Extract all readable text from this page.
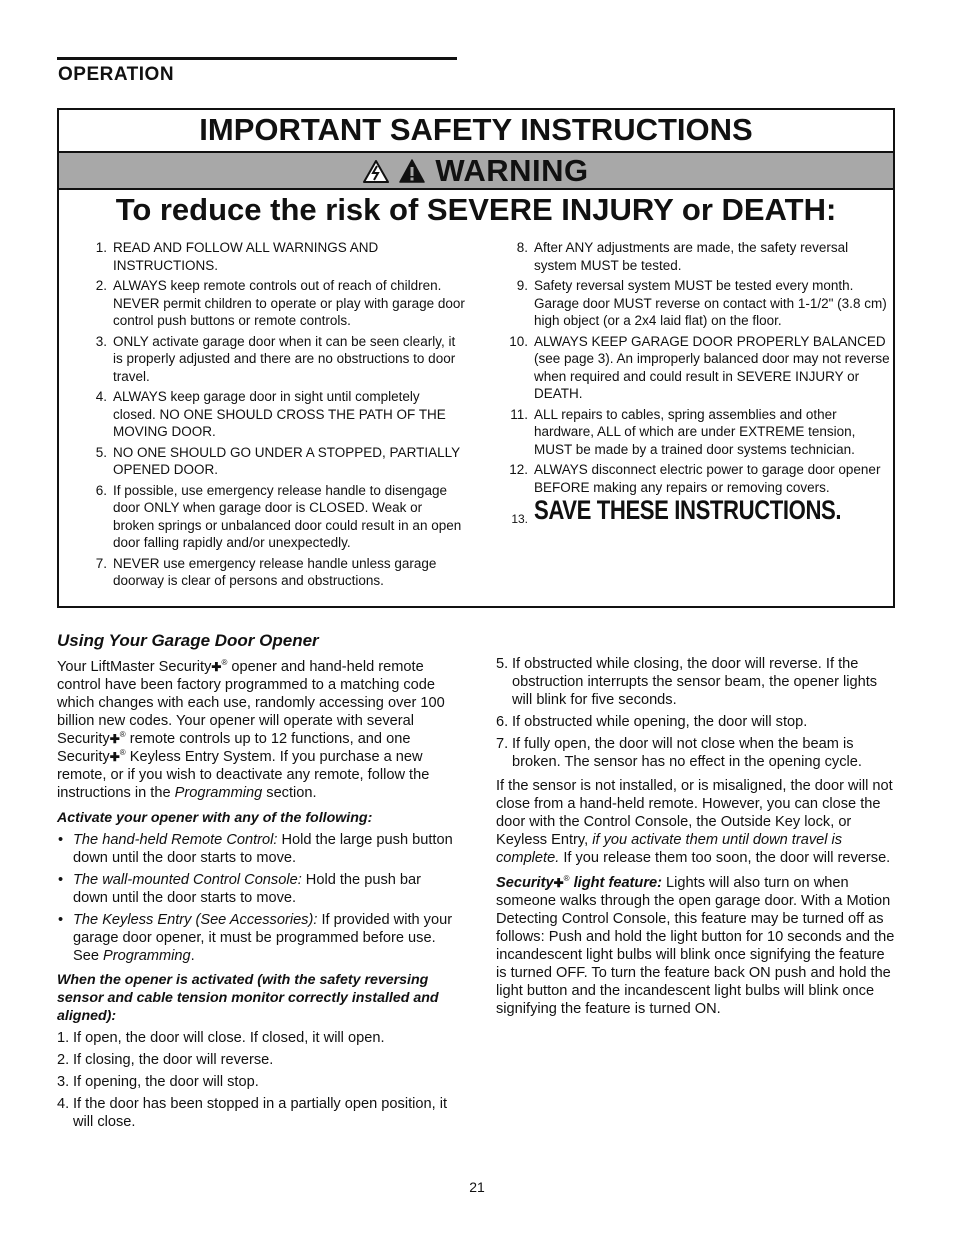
OPERATION
IMPORTANT SAFETY INSTRUCTIONS
WARNING
To reduce the risk of SEVERE INJURY or DEATH:
1. READ AND FOLLOW ALL WARNINGS AND INSTRUCTIONS.
2. ALWAYS keep remote controls out of reach of children. NEVER permit children to operate or play with garage door control push buttons or remote controls.
3. ONLY activate garage door when it can be seen clearly, it is properly adjusted and there are no obstructions to door travel.
4. ALWAYS keep garage door in sight until completely closed. NO ONE SHOULD CROSS THE PATH OF THE MOVING DOOR.
5. NO ONE SHOULD GO UNDER A STOPPED, PARTIALLY OPENED DOOR.
6. If possible, use emergency release handle to disengage door ONLY when garage door is CLOSED. Weak or broken springs or unbalanced door could result in an open door falling rapidly and/or unexpectedly.
7. NEVER use emergency release handle unless garage doorway is clear of persons and obstructions.
8. After ANY adjustments are made, the safety reversal system MUST be tested.
9. Safety reversal system MUST be tested every month. Garage door MUST reverse on contact with 1-1/2" (3.8 cm) high object (or a 2x4 laid flat) on the floor.
10. ALWAYS KEEP GARAGE DOOR PROPERLY BALANCED (see page 3). An improperly balanced door may not reverse when required and could result in SEVERE INJURY or DEATH.
11. ALL repairs to cables, spring assemblies and other hardware, ALL of which are under EXTREME tension, MUST be made by a trained door systems technician.
12. ALWAYS disconnect electric power to garage door opener BEFORE making any repairs or removing covers.
13. SAVE THESE INSTRUCTIONS.
Using Your Garage Door Opener

Your LiftMaster Security✚® opener and hand-held remote control have been factory programmed to a matching code which changes with each use, randomly accessing over 100 billion new codes. Your opener will operate with several Security✚® remote controls up to 12 functions, and one Security✚® Keyless Entry System. If you purchase a new remote, or if you wish to deactivate any remote, follow the instructions in the Programming section.

Activate your opener with any of the following:

• The hand-held Remote Control: Hold the large push button down until the door starts to move.
• The wall-mounted Control Console: Hold the push bar down until the door starts to move.
• The Keyless Entry (See Accessories): If provided with your garage door opener, it must be programmed before use. See Programming.

When the opener is activated (with the safety reversing sensor and cable tension monitor correctly installed and aligned):

1. If open, the door will close. If closed, it will open.
2. If closing, the door will reverse.
3. If opening, the door will stop.
4. If the door has been stopped in a partially open position, it will close.
5. If obstructed while closing, the door will reverse. If the obstruction interrupts the sensor beam, the opener lights will blink for five seconds.
6. If obstructed while opening, the door will stop.
7. If fully open, the door will not close when the beam is broken. The sensor has no effect in the opening cycle.

If the sensor is not installed, or is misaligned, the door will not close from a hand-held remote. However, you can close the door with the Control Console, the Outside Key lock, or Keyless Entry, if you activate them until down travel is complete. If you release them too soon, the door will reverse.

Security✚® light feature: Lights will also turn on when someone walks through the open garage door. With a Motion Detecting Control Console, this feature may be turned off as follows: Push and hold the light button for 10 seconds and the incandescent light bulbs will blink once signifying the feature is turned OFF. To turn the feature back ON push and hold the light button and the incandescent light bulbs will blink once signifying the feature is turned ON.

21
